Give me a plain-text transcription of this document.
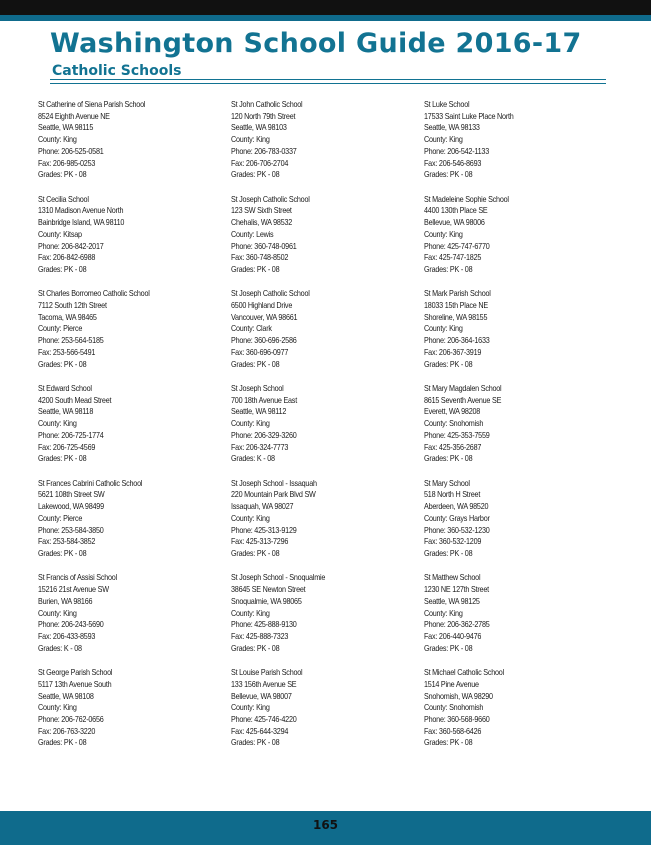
Washington School Guide 2016-17
Catholic Schools
St Catherine of Siena Parish School
8524 Eighth Avenue NE
Seattle, WA 98115
County: King
Phone: 206-525-0581
Fax: 206-985-0253
Grades: PK - 08
St Cecilia School
1310 Madison Avenue North
Bainbridge Island, WA 98110
County: Kitsap
Phone: 206-842-2017
Fax: 206-842-6988
Grades: PK - 08
St Charles Borromeo Catholic School
7112 South 12th Street
Tacoma, WA 98465
County: Pierce
Phone: 253-564-5185
Fax: 253-566-5491
Grades: PK - 08
St Edward School
4200 South Mead Street
Seattle, WA 98118
County: King
Phone: 206-725-1774
Fax: 206-725-4569
Grades: PK - 08
St Frances Cabrini Catholic School
5621 108th Street SW
Lakewood, WA 98499
County: Pierce
Phone: 253-584-3850
Fax: 253-584-3852
Grades: PK - 08
St Francis of Assisi School
15216 21st Avenue SW
Burien, WA 98166
County: King
Phone: 206-243-5690
Fax: 206-433-8593
Grades: K - 08
St George Parish School
5117 13th Avenue South
Seattle, WA 98108
County: King
Phone: 206-762-0656
Fax: 206-763-3220
Grades: PK - 08
St John Catholic School
120 North 79th Street
Seattle, WA 98103
County: King
Phone: 206-783-0337
Fax: 206-706-2704
Grades: PK - 08
St Joseph Catholic School
123 SW Sixth Street
Chehalis, WA 98532
County: Lewis
Phone: 360-748-0961
Fax: 360-748-8502
Grades: PK - 08
St Joseph Catholic School
6500 Highland Drive
Vancouver, WA 98661
County: Clark
Phone: 360-696-2586
Fax: 360-696-0977
Grades: PK - 08
St Joseph School
700 18th Avenue East
Seattle, WA 98112
County: King
Phone: 206-329-3260
Fax: 206-324-7773
Grades: K - 08
St Joseph School - Issaquah
220 Mountain Park Blvd SW
Issaquah, WA 98027
County: King
Phone: 425-313-9129
Fax: 425-313-7296
Grades: PK - 08
St Joseph School - Snoqualmie
38645 SE Newton Street
Snoqualmie, WA 98065
County: King
Phone: 425-888-9130
Fax: 425-888-7323
Grades: PK - 08
St Louise Parish School
133 156th Avenue SE
Bellevue, WA 98007
County: King
Phone: 425-746-4220
Fax: 425-644-3294
Grades: PK - 08
St Luke School
17533 Saint Luke Place North
Seattle, WA 98133
County: King
Phone: 206-542-1133
Fax: 206-546-8693
Grades: PK - 08
St Madeleine Sophie School
4400 130th Place SE
Bellevue, WA 98006
County: King
Phone: 425-747-6770
Fax: 425-747-1825
Grades: PK - 08
St Mark Parish School
18033 15th Place NE
Shoreline, WA 98155
County: King
Phone: 206-364-1633
Fax: 206-367-3919
Grades: PK - 08
St Mary Magdalen School
8615 Seventh Avenue SE
Everett, WA 98208
County: Snohomish
Phone: 425-353-7559
Fax: 425-356-2687
Grades: PK - 08
St Mary School
518 North H Street
Aberdeen, WA 98520
County: Grays Harbor
Phone: 360-532-1230
Fax: 360-532-1209
Grades: PK - 08
St Matthew School
1230 NE 127th Street
Seattle, WA 98125
County: King
Phone: 206-362-2785
Fax: 206-440-9476
Grades: PK - 08
St Michael Catholic School
1514 Pine Avenue
Snohomish, WA 98290
County: Snohomish
Phone: 360-568-9660
Fax: 360-568-6426
Grades: PK - 08
165
